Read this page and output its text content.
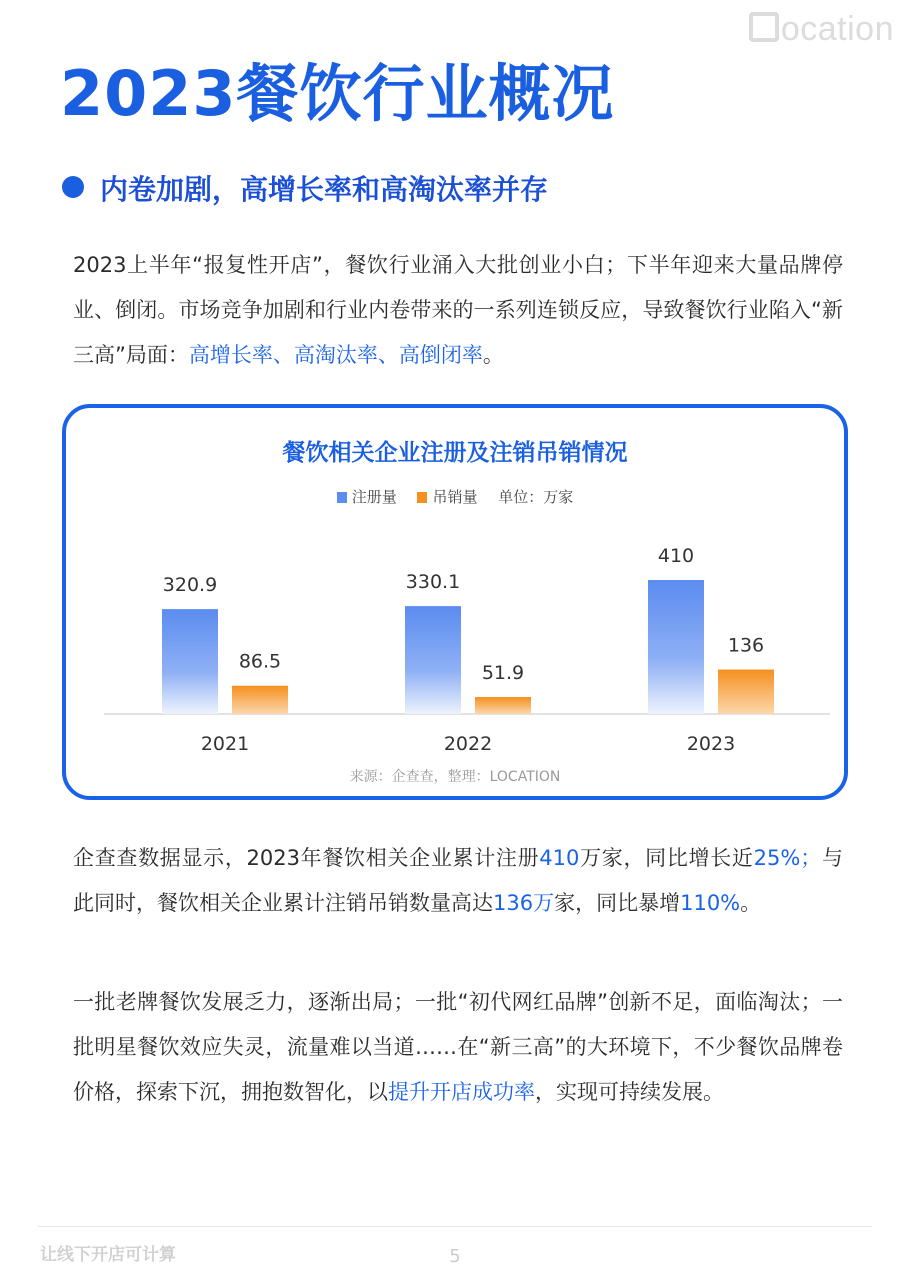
ocation
2023餐饮行业概况
内卷加剧，高增长率和高淘汰率并存

2023上半年“报复性开店”，餐饮行业涌入大批创业小白；下半年迎来大量品牌停业、倒闭。市场竞争加剧和行业内卷带来的一系列连锁反应，导致餐饮行业陷入“新三高”局面：高增长率、高淘汰率、高倒闭率。

餐饮相关企业注册及注销吊销情况
注册量 吊销量 单位：万家
320.9
86.5
2021
330.1
51.9
2022
410
136
2023
来源：企查查，整理：LOCATION

企查查数据显示，2023年餐饮相关企业累计注册410万家，同比增长近25%；与此同时，餐饮相关企业累计注销吊销数量高达136万家，同比暴增110%。

一批老牌餐饮发展乏力，逐渐出局；一批“初代网红品牌”创新不足，面临淘汰；一批明星餐饮效应失灵，流量难以当道……在“新三高”的大环境下，不少餐饮品牌卷价格，探索下沉，拥抱数智化，以提升开店成功率，实现可持续发展。

让线下开店可计算	5
